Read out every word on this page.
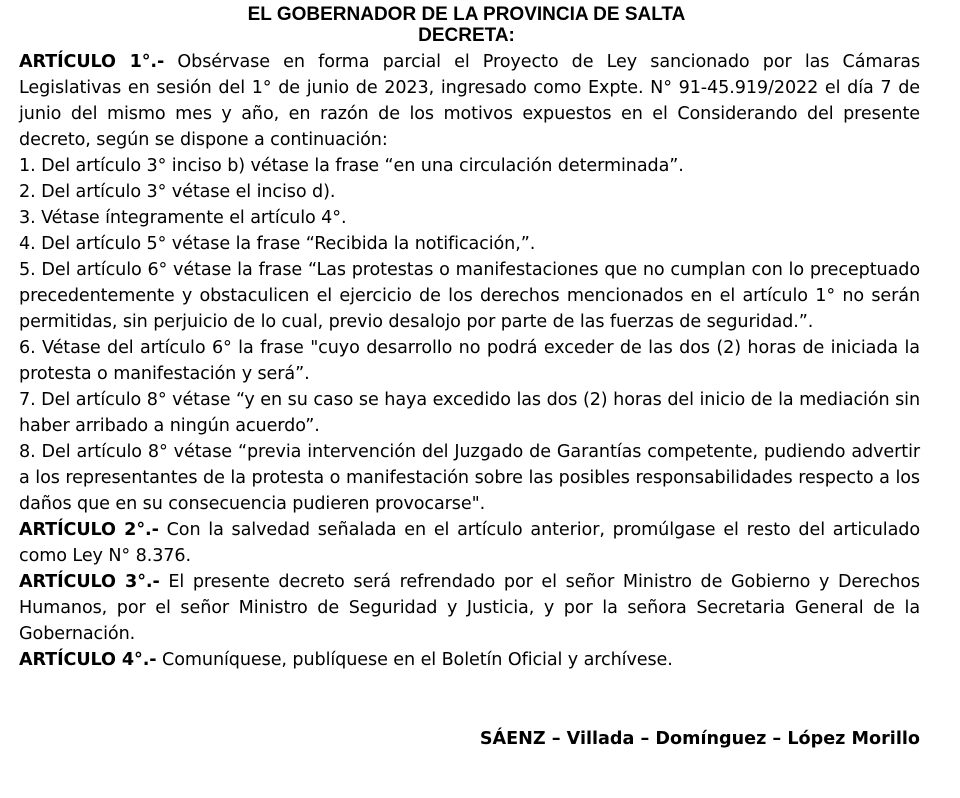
EL GOBERNADOR DE LA PROVINCIA DE SALTA
DECRETA:

ARTÍCULO 1°.- Obsérvase en forma parcial el Proyecto de Ley sancionado por las Cámaras Legislativas en sesión del 1° de junio de 2023, ingresado como Expte. N° 91-45.919/2022 el día 7 de junio del mismo mes y año, en razón de los motivos expuestos en el Considerando del presente decreto, según se dispone a continuación:

1. Del artículo 3° inciso b) vétase la frase “en una circulación determinada”.

2. Del artículo 3° vétase el inciso d).

3. Vétase íntegramente el artículo 4°.

4. Del artículo 5° vétase la frase “Recibida la notificación,”.

5. Del artículo 6° vétase la frase “Las protestas o manifestaciones que no cumplan con lo preceptuado precedentemente y obstaculicen el ejercicio de los derechos mencionados en el artículo 1° no serán permitidas, sin perjuicio de lo cual, previo desalojo por parte de las fuerzas de seguridad.”.

6. Vétase del artículo 6° la frase "cuyo desarrollo no podrá exceder de las dos (2) horas de iniciada la protesta o manifestación y será”.

7. Del artículo 8° vétase “y en su caso se haya excedido las dos (2) horas del inicio de la mediación sin haber arribado a ningún acuerdo”.

8. Del artículo 8° vétase “previa intervención del Juzgado de Garantías competente, pudiendo advertir a los representantes de la protesta o manifestación sobre las posibles responsabilidades respecto a los daños que en su consecuencia pudieren provocarse".

ARTÍCULO 2°.- Con la salvedad señalada en el artículo anterior, promúlgase el resto del articulado como Ley N° 8.376.

ARTÍCULO 3°.- El presente decreto será refrendado por el señor Ministro de Gobierno y Derechos Humanos, por el señor Ministro de Seguridad y Justicia, y por la señora Secretaria General de la Gobernación.

ARTÍCULO 4°.- Comuníquese, publíquese en el Boletín Oficial y archívese.

SÁENZ – Villada – Domínguez – López Morillo
